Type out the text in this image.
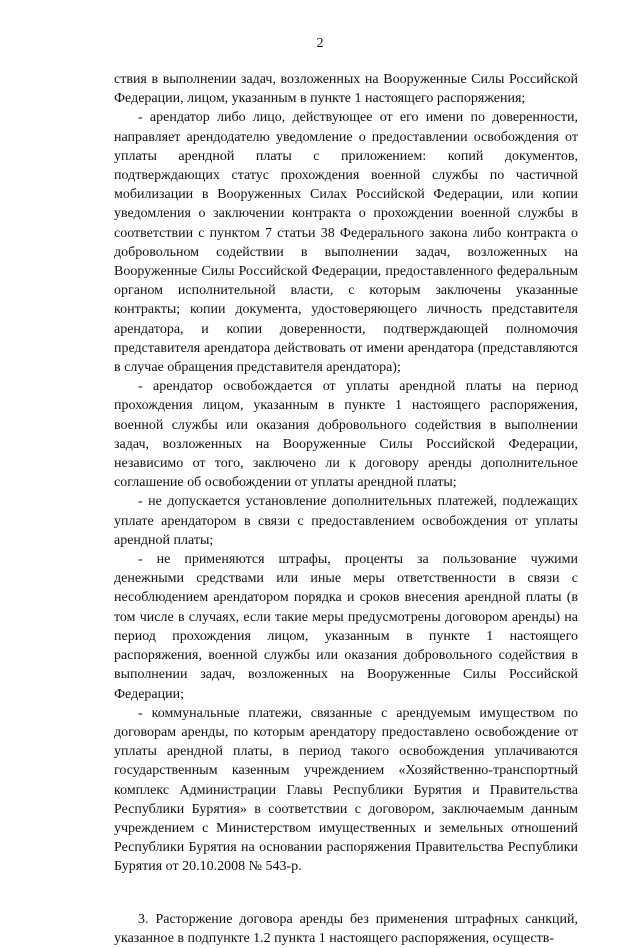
2

ствия в выполнении задач, возложенных на Вооруженные Силы Российской Федерации, лицом, указанным в пункте 1 настоящего распоряжения;

- арендатор либо лицо, действующее от его имени по доверенности, направляет арендодателю уведомление о предоставлении освобождения от уплаты арендной платы с приложением: копий документов, подтверждающих статус прохождения военной службы по частичной мобилизации в Вооруженных Силах Российской Федерации, или копии уведомления о заключении контракта о прохождении военной службы в соответствии с пунктом 7 статьи 38 Федерального закона либо контракта о добровольном содействии в выполнении задач, возложенных на Вооруженные Силы Российской Федерации, предоставленного федеральным органом исполнительной власти, с которым заключены указанные контракты; копии документа, удостоверяющего личность представителя арендатора, и копии доверенности, подтверждающей полномочия представителя арендатора действовать от имени арендатора (представляются в случае обращения представителя арендатора);

- арендатор освобождается от уплаты арендной платы на период прохождения лицом, указанным в пункте 1 настоящего распоряжения, военной службы или оказания добровольного содействия в выполнении задач, возложенных на Вооруженные Силы Российской Федерации, независимо от того, заключено ли к договору аренды дополнительное соглашение об освобождении от уплаты арендной платы;

- не допускается установление дополнительных платежей, подлежащих уплате арендатором в связи с предоставлением освобождения от уплаты арендной платы;

- не применяются штрафы, проценты за пользование чужими денежными средствами или иные меры ответственности в связи с несоблюдением арендатором порядка и сроков внесения арендной платы (в том числе в случаях, если такие меры предусмотрены договором аренды) на период прохождения лицом, указанным в пункте 1 настоящего распоряжения, военной службы или оказания добровольного содействия в выполнении задач, возложенных на Вооруженные Силы Российской Федерации;

- коммунальные платежи, связанные с арендуемым имуществом по договорам аренды, по которым арендатору предоставлено освобождение от уплаты арендной платы, в период такого освобождения уплачиваются государственным казенным учреждением «Хозяйственно-транспортный комплекс Администрации Главы Республики Бурятия и Правительства Республики Бурятия» в соответствии с договором, заключаемым данным учреждением с Министерством имущественных и земельных отношений Республики Бурятия на основании распоряжения Правительства Республики Бурятия от 20.10.2008 № 543-р.

3. Расторжение договора аренды без применения штрафных санкций, указанное в подпункте 1.2 пункта 1 настоящего распоряжения, осуществ-
